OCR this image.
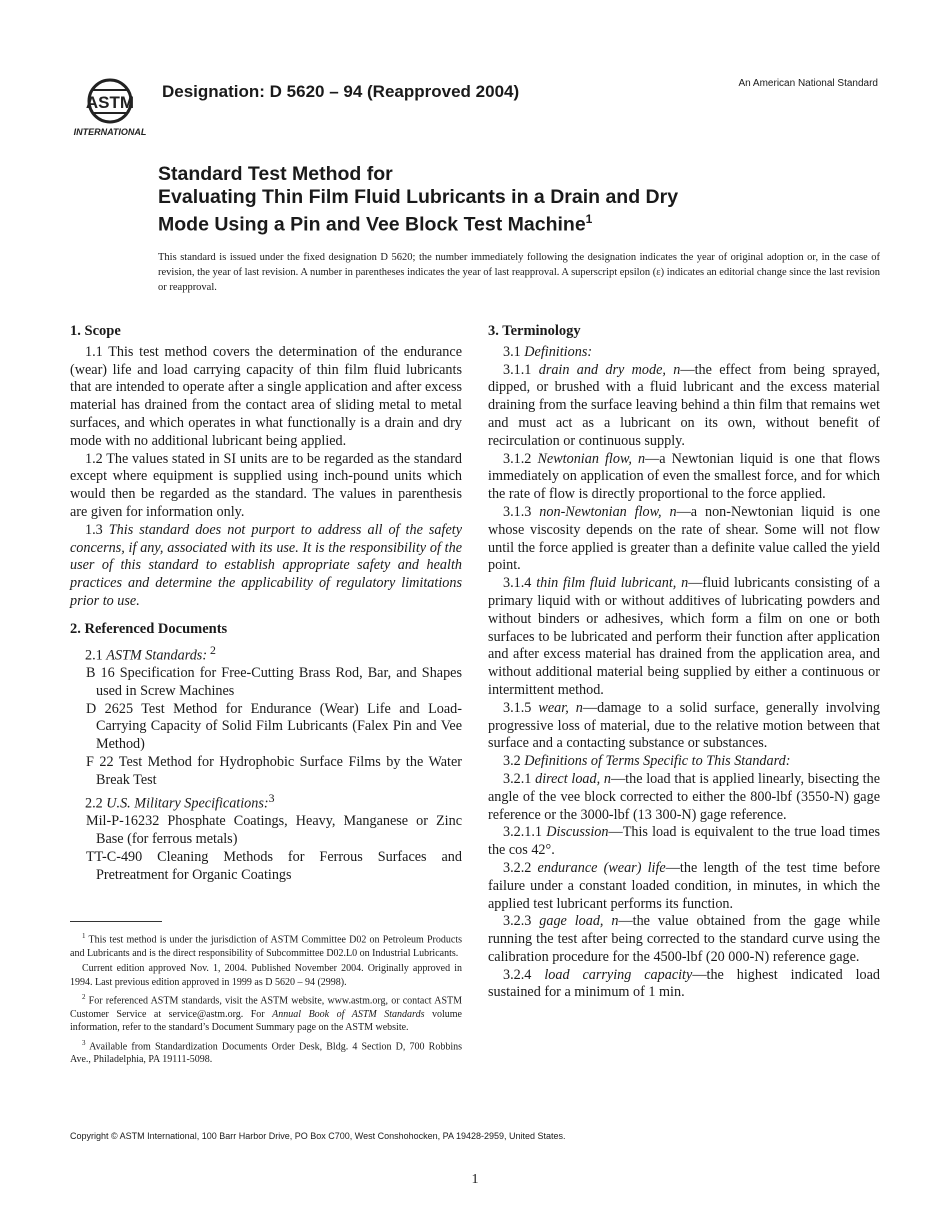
ASTM
INTERNATIONAL
Designation: D 5620 – 94 (Reapproved 2004)	An American National Standard
Standard Test Method for
Evaluating Thin Film Fluid Lubricants in a Drain and Dry
Mode Using a Pin and Vee Block Test Machine$^1$
This standard is issued under the fixed designation D 5620; the number immediately following the designation indicates the year of original adoption or, in the case of revision, the year of last revision. A number in parentheses indicates the year of last reapproval. A superscript epsilon (ε) indicates an editorial change since the last revision or reapproval.
1. Scope

1.1 This test method covers the determination of the endurance (wear) life and load carrying capacity of thin film fluid lubricants that are intended to operate after a single application and after excess material has drained from the contact area of sliding metal to metal surfaces, and which operates in what functionally is a drain and dry mode with no additional lubricant being applied.

1.2 The values stated in SI units are to be regarded as the standard except where equipment is supplied using inch-pound units which would then be regarded as the standard. The values in parenthesis are given for information only.

1.3 This standard does not purport to address all of the safety concerns, if any, associated with its use. It is the responsibility of the user of this standard to establish appropriate safety and health practices and determine the applicability of regulatory limitations prior to use.

2. Referenced Documents

2.1 ASTM Standards: $^2$

B 16 Specification for Free-Cutting Brass Rod, Bar, and Shapes used in Screw Machines

D 2625 Test Method for Endurance (Wear) Life and Load-Carrying Capacity of Solid Film Lubricants (Falex Pin and Vee Method)

F 22 Test Method for Hydrophobic Surface Films by the Water Break Test

2.2 U.S. Military Specifications:$^3$

Mil-P-16232 Phosphate Coatings, Heavy, Manganese or Zinc Base (for ferrous metals)

TT-C-490 Cleaning Methods for Ferrous Surfaces and Pretreatment for Organic Coatings

$^1$ This test method is under the jurisdiction of ASTM Committee D02 on Petroleum Products and Lubricants and is the direct responsibility of Subcommittee D02.L0 on Industrial Lubricants.

Current edition approved Nov. 1, 2004. Published November 2004. Originally approved in 1994. Last previous edition approved in 1999 as D 5620 – 94 (2998).

$^2$ For referenced ASTM standards, visit the ASTM website, www.astm.org, or contact ASTM Customer Service at service@astm.org. For Annual Book of ASTM Standards volume information, refer to the standard’s Document Summary page on the ASTM website.

$^3$ Available from Standardization Documents Order Desk, Bldg. 4 Section D, 700 Robbins Ave., Philadelphia, PA 19111-5098.

3. Terminology

3.1 Definitions:

3.1.1 drain and dry mode, n—the effect from being sprayed, dipped, or brushed with a fluid lubricant and the excess material draining from the surface leaving behind a thin film that remains wet and must act as a lubricant on its own, without benefit of recirculation or continuous supply.

3.1.2 Newtonian flow, n—a Newtonian liquid is one that flows immediately on application of even the smallest force, and for which the rate of flow is directly proportional to the force applied.

3.1.3 non-Newtonian flow, n—a non-Newtonian liquid is one whose viscosity depends on the rate of shear. Some will not flow until the force applied is greater than a definite value called the yield point.

3.1.4 thin film fluid lubricant, n—fluid lubricants consisting of a primary liquid with or without additives of lubricating powders and without binders or adhesives, which form a film on one or both surfaces to be lubricated and perform their function after application and after excess material has drained from the application area, and without additional material being supplied by either a continuous or intermittent method.

3.1.5 wear, n—damage to a solid surface, generally involving progressive loss of material, due to the relative motion between that surface and a contacting substance or substances.

3.2 Definitions of Terms Specific to This Standard:

3.2.1 direct load, n—the load that is applied linearly, bisecting the angle of the vee block corrected to either the 800-lbf (3550-N) gage reference or the 3000-lbf (13 300-N) gage reference.

3.2.1.1 Discussion—This load is equivalent to the true load times the cos 42°.

3.2.2 endurance (wear) life—the length of the test time before failure under a constant loaded condition, in minutes, in which the applied test lubricant performs its function.

3.2.3 gage load, n—the value obtained from the gage while running the test after being corrected to the standard curve using the calibration procedure for the 4500-lbf (20 000-N) reference gage.

3.2.4 load carrying capacity—the highest indicated load sustained for a minimum of 1 min.

Copyright © ASTM International, 100 Barr Harbor Drive, PO Box C700, West Conshohocken, PA 19428-2959, United States.
1
